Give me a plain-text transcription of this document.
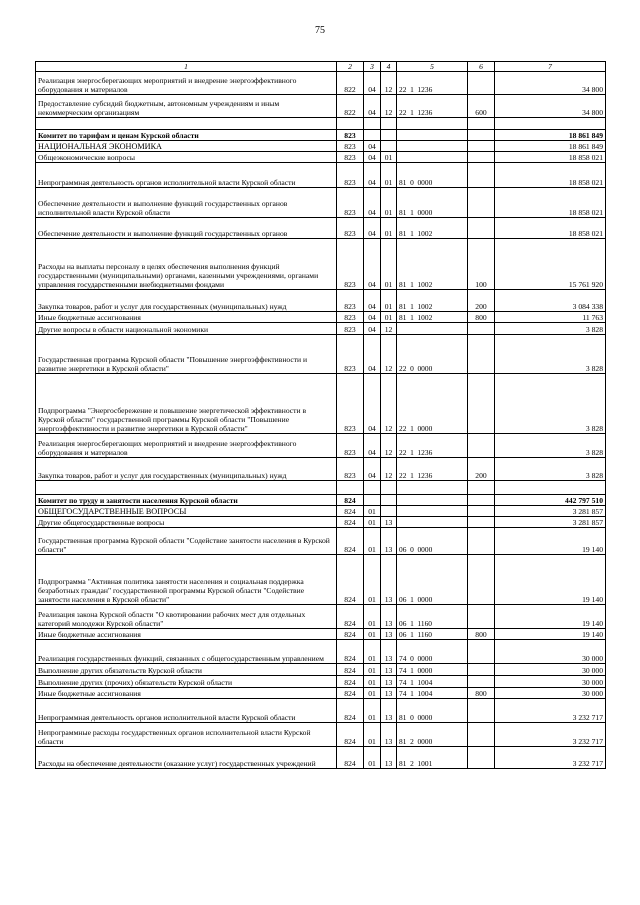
75
1	2	3	4	5	6	7
Реализация энергосберегающих мероприятий и внедрение энергоэффективного оборудования и материалов	822	04	12	22  1  1236		34 800
Предоставление субсидий бюджетным, автономным учреждениям и иным некоммерческим организациям	822	04	12	22  1  1236	600	34 800

Комитет по тарифам и ценам Курской области	823					18 861 849
НАЦИОНАЛЬНАЯ ЭКОНОМИКА	823	04				18 861 849
Общеэкономические вопросы	823	04	01			18 858 021
Непрограммная деятельность органов исполнительной власти Курской области	823	04	01	81  0  0000		18 858 021
Обеспечение деятельности и выполнение функций государственных органов исполнительной власти Курской области	823	04	01	81  1  0000		18 858 021
Обеспечение деятельности и выполнение функций государственных органов	823	04	01	81  1  1002		18 858 021
Расходы на выплаты персоналу в целях обеспечения выполнения функций государственными (муниципальными) органами, казенными учреждениями, органами управления государственными внебюджетными фондами	823	04	01	81  1  1002	100	15 761 920
Закупка товаров, работ и услуг для государственных (муниципальных) нужд	823	04	01	81  1  1002	200	3 084 338
Иные бюджетные ассигнования	823	04	01	81  1  1002	800	11 763
Другие вопросы в области национальной экономики	823	04	12			3 828
Государственная программа Курской области "Повышение энергоэффективности и развитие энергетики в Курской области"	823	04	12	22  0  0000		3 828
Подпрограмма "Энергосбережение и повышение энергетической эффективности в Курской области" государственной программы Курской области "Повышение энергоэффективности и развитие энергетики в Курской области"	823	04	12	22  1  0000		3 828
Реализация энергосберегающих мероприятий и внедрение энергоэффективного оборудования и материалов	823	04	12	22  1  1236		3 828
Закупка товаров, работ и услуг для государственных (муниципальных) нужд	823	04	12	22  1  1236	200	3 828

Комитет по труду и занятости населения Курской области	824					442 797 510
ОБЩЕГОСУДАРСТВЕННЫЕ ВОПРОСЫ	824	01				3 281 857
Другие общегосударственные вопросы	824	01	13			3 281 857
Государственная программа Курской области "Содействие занятости населения в Курской области"	824	01	13	06  0  0000		19 140
Подпрограмма "Активная политика занятости населения и социальная поддержка безработных граждан" государственной программы Курской области "Содействие занятости населения в Курской области"	824	01	13	06  1  0000		19 140
Реализация закона Курской области "О квотировании рабочих мест для отдельных категорий молодежи Курской области"	824	01	13	06  1  1160		19 140
Иные бюджетные ассигнования	824	01	13	06  1  1160	800	19 140
Реализация государственных функций, связанных с общегосударственным управлением	824	01	13	74  0  0000		30 000
Выполнение других обязательств Курской области	824	01	13	74  1  0000		30 000
Выполнение других (прочих) обязательств Курской области	824	01	13	74  1  1004		30 000
Иные бюджетные ассигнования	824	01	13	74  1  1004	800	30 000
Непрограммная деятельность органов исполнительной власти Курской области	824	01	13	81  0  0000		3 232 717
Непрограммные расходы государственных органов исполнительной власти Курской области	824	01	13	81  2  0000		3 232 717
Расходы на обеспечение деятельности (оказание услуг) государственных учреждений	824	01	13	81  2  1001		3 232 717
